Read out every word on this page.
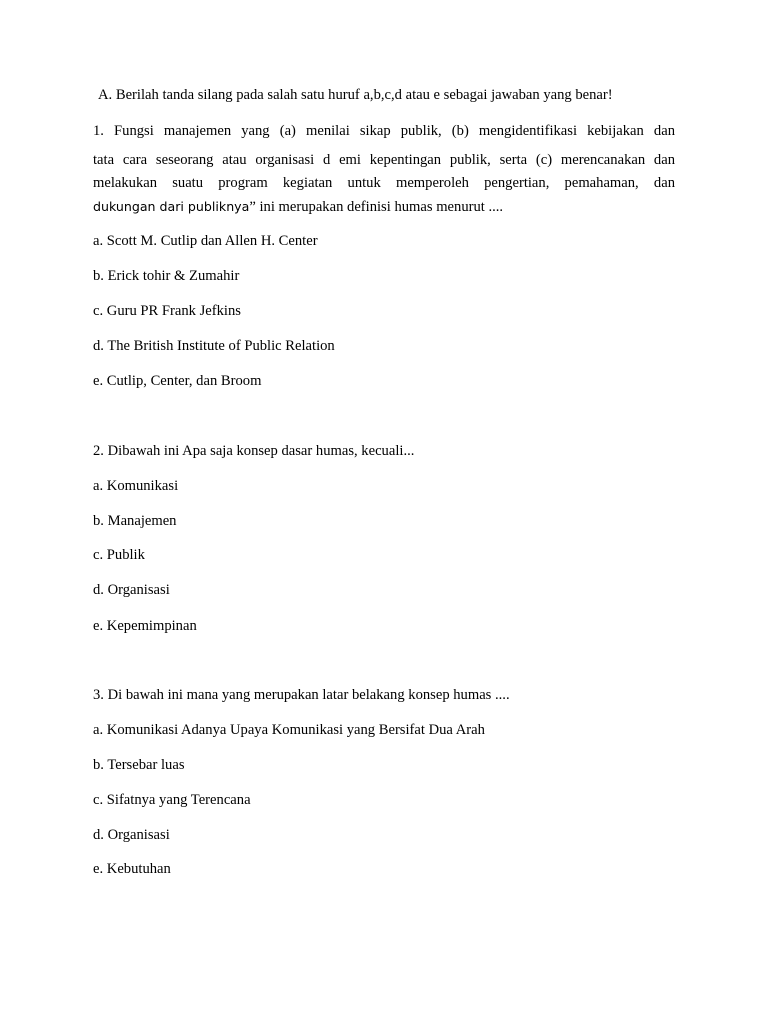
A. Berilah tanda silang pada salah satu huruf a,b,c,d atau e sebagai jawaban yang benar!
1. Fungsi manajemen yang (a) menilai sikap publik, (b) mengidentifikasi kebijakan dan
tata cara seseorang atau organisasi d emi kepentingan publik, serta (c) merencanakan dan
melakukan suatu program kegiatan untuk memperoleh pengertian, pemahaman, dan
dukungan dari publiknya” ini merupakan definisi humas menurut ....
a. Scott M. Cutlip dan Allen H. Center
b. Erick tohir & Zumahir
c. Guru PR Frank Jefkins
d. The British Institute of Public Relation
e. Cutlip, Center, dan Broom
2. Dibawah ini Apa saja konsep dasar humas, kecuali...
a. Komunikasi
b. Manajemen
c. Publik
d. Organisasi
e. Kepemimpinan
3. Di bawah ini mana yang merupakan latar belakang konsep humas ....
a. Komunikasi Adanya Upaya Komunikasi yang Bersifat Dua Arah
b. Tersebar luas
c. Sifatnya yang Terencana
d. Organisasi
e. Kebutuhan
